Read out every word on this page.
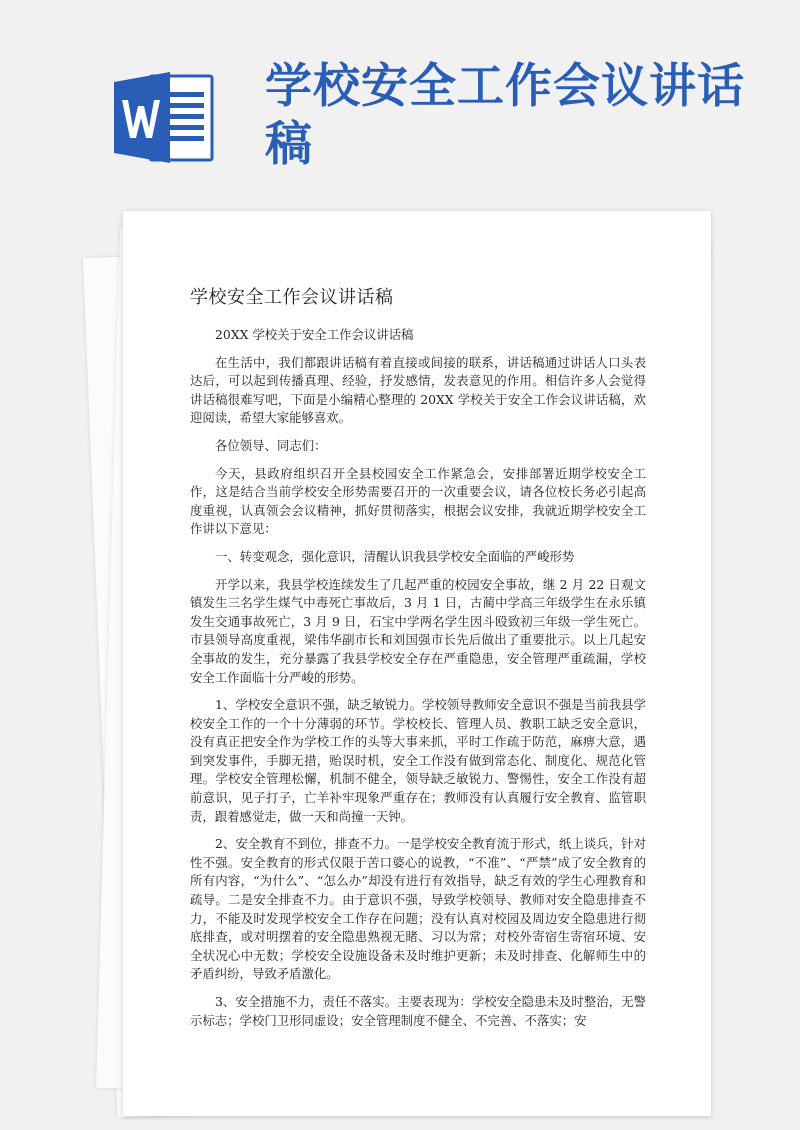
学校安全工作会议讲话稿
学校安全工作会议讲话稿

20XX 学校关于安全工作会议讲话稿

在生活中，我们都跟讲话稿有着直接或间接的联系，讲话稿通过讲话人口头表达后，可以起到传播真理、经验，抒发感情，发表意见的作用。相信许多人会觉得讲话稿很难写吧，下面是小编精心整理的 20XX 学校关于安全工作会议讲话稿，欢迎阅读，希望大家能够喜欢。

各位领导、同志们：

今天，县政府组织召开全县校园安全工作紧急会，安排部署近期学校安全工作，这是结合当前学校安全形势需要召开的一次重要会议，请各位校长务必引起高度重视，认真领会会议精神，抓好贯彻落实，根据会议安排，我就近期学校安全工作讲以下意见：

一、转变观念，强化意识，清醒认识我县学校安全面临的严峻形势

开学以来，我县学校连续发生了几起严重的校园安全事故，继 2 月 22 日观文镇发生三名学生煤气中毒死亡事故后，3 月 1 日，古蔺中学高三年级学生在永乐镇发生交通事故死亡，3 月 9 日，石宝中学两名学生因斗殴致初三年级一学生死亡。市县领导高度重视，梁伟华副市长和刘国强市长先后做出了重要批示。以上几起安全事故的发生，充分暴露了我县学校安全存在严重隐患，安全管理严重疏漏，学校安全工作面临十分严峻的形势。

1、学校安全意识不强，缺乏敏锐力。学校领导教师安全意识不强是当前我县学校安全工作的一个十分薄弱的环节。学校校长、管理人员、教职工缺乏安全意识，没有真正把安全作为学校工作的头等大事来抓，平时工作疏于防范，麻痹大意，遇到突发事件，手脚无措，贻误时机，安全工作没有做到常态化、制度化、规范化管理。学校安全管理松懈，机制不健全，领导缺乏敏锐力、警惕性，安全工作没有超前意识，见子打子，亡羊补牢现象严重存在；教师没有认真履行安全教育、监管职责，跟着感觉走，做一天和尚撞一天钟。

2、安全教育不到位，排查不力。一是学校安全教育流于形式，纸上谈兵，针对性不强。安全教育的形式仅限于苦口婆心的说教，“不准”、“严禁”成了安全教育的所有内容，“为什么”、“怎么办”却没有进行有效指导，缺乏有效的学生心理教育和疏导。二是安全排查不力。由于意识不强，导致学校领导、教师对安全隐患排查不力，不能及时发现学校安全工作存在问题；没有认真对校园及周边安全隐患进行彻底排查，或对明摆着的安全隐患熟视无睹、习以为常；对校外寄宿生寄宿环境、安全状况心中无数；学校安全设施设备未及时维护更新；未及时排查、化解师生中的矛盾纠纷，导致矛盾激化。

3、安全措施不力，责任不落实。主要表现为：学校安全隐患未及时整治，无警示标志；学校门卫形同虚设；安全管理制度不健全、不完善、不落实；安
